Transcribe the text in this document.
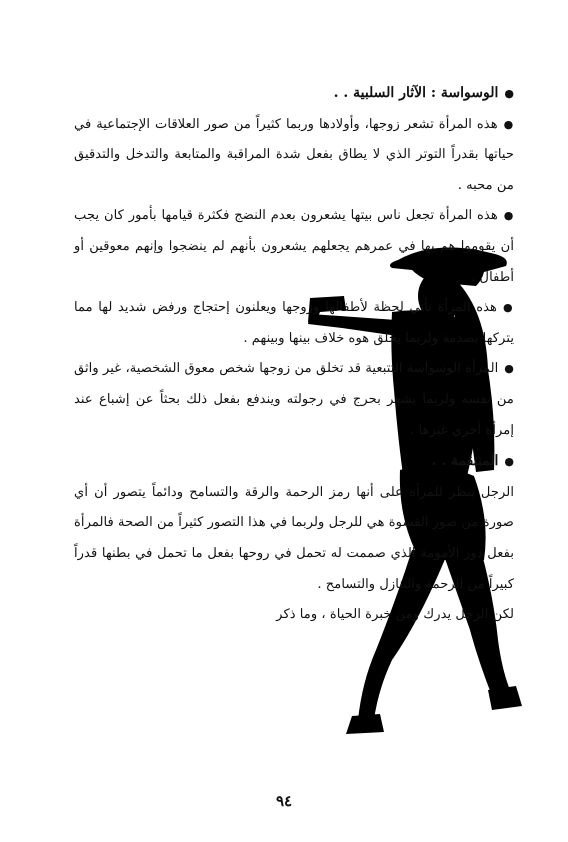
●الوسواسة : الآثار السلبية . .

●هذه المرأة تشعر زوجها، وأولادها وربما كثيراً من صور العلاقات الإجتماعية في حياتها بقدراً التوتر الذي لا يطاق بفعل شدة المراقبة والمتابعة والتدخل والتدقيق من محبه .

●هذه المرأة تجعل ناس بيتها يشعرون بعدم النضج فكثرة قيامها بأمور كان يجب أن يقوموا هم بها في عمرهم يجعلهم يشعرون بأنهم لم ينضجوا وإنهم معوقين أو أطفال .

●هذه المرأة تأتي لحظة لأطفالها وزوجها ويعلنون إحتجاج ورفض شديد لها مما يتركها بصدمة ولربما يخلق هوه خلاف بينها وبينهم .

●المرأة الوسواسة التتبعية قد تخلق من زوجها شخص معوق الشخصية، غير واثق من نفسه ولربما يشعر بحرج في رجولته ويندفع بفعل ذلك بحثاً عن إشباع عند إمرأة أخري غيرها .

●المنتقمة . .

الرجل ينظر للمرأة على أنها رمز الرحمة والرقة والتسامح ودائماً يتصور أن أي صورة من صور القسوة هي للرجل ولربما في هذا التصور كثيراً من الصحة فالمرأة بفعل دور الأمومة الذي صممت له تحمل في روحها بفعل ما تحمل في بطنها قدراً كبيراً من الرحمة والتنازل والتسامح .

لكن الرجل يدرك ومن خبرة الحياة ، وما ذكر

٩٤
